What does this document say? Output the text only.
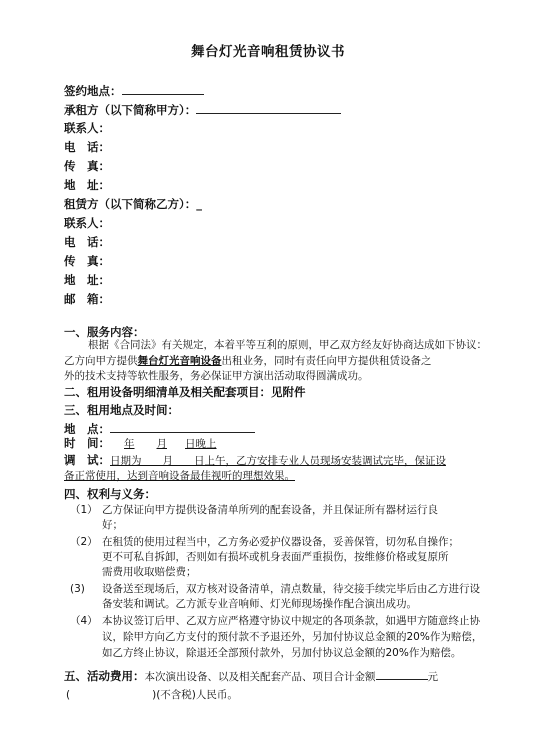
舞台灯光音响租赁协议书
签约地点：
承租方（以下简称甲方）：
联系人：
电　话：
传　真：
地　址：
租赁方（以下简称乙方）：_
联系人：
电　话：
传　真：
地　址：
邮　箱：
一、服务内容：
根据《合同法》有关规定，本着平等互利的原则，甲乙双方经友好协商达成如下协议：
乙方向甲方提供舞台灯光音响设备出租业务，同时有责任向甲方提供租赁设备之
外的技术支持等软性服务，务必保证甲方演出活动取得圆满成功。
二、租用设备明细清单及相关配套项目：见附件
三、租用地点及时间：
地　点：
时　间： 年 月 日晚上
调　试：日期为　　月　　日上午，乙方安排专业人员现场安装调试完毕，保证设
备正常使用，达到音响设备最佳视听的理想效果。
四、权利与义务：
（1） 乙方保证向甲方提供设备清单所列的配套设备，并且保证所有器材运行良
好；
（2） 在租赁的使用过程当中，乙方务必爱护仪器设备，妥善保管，切勿私自操作；
更不可私自拆卸，否则如有损坏或机身表面严重损伤，按维修价格或复原所
需费用收取赔偿费；
(3) 设备送至现场后，双方核对设备清单，清点数量，待交接手续完毕后由乙方进行设
备安装和调试。乙方派专业音响师、灯光师现场操作配合演出成功。
（4） 本协议签订后甲、乙双方应严格遵守协议中规定的各项条款，如遇甲方随意终止协
议，除甲方向乙方支付的预付款不予退还外，另加付协议总金额的20%作为赔偿，
如乙方终止协议，除退还全部预付款外，另加付协议总金额的20%作为赔偿。
五、活动费用：本次演出设备、以及相关配套产品、项目合计金额	元
(	)(不含税)人民币。
